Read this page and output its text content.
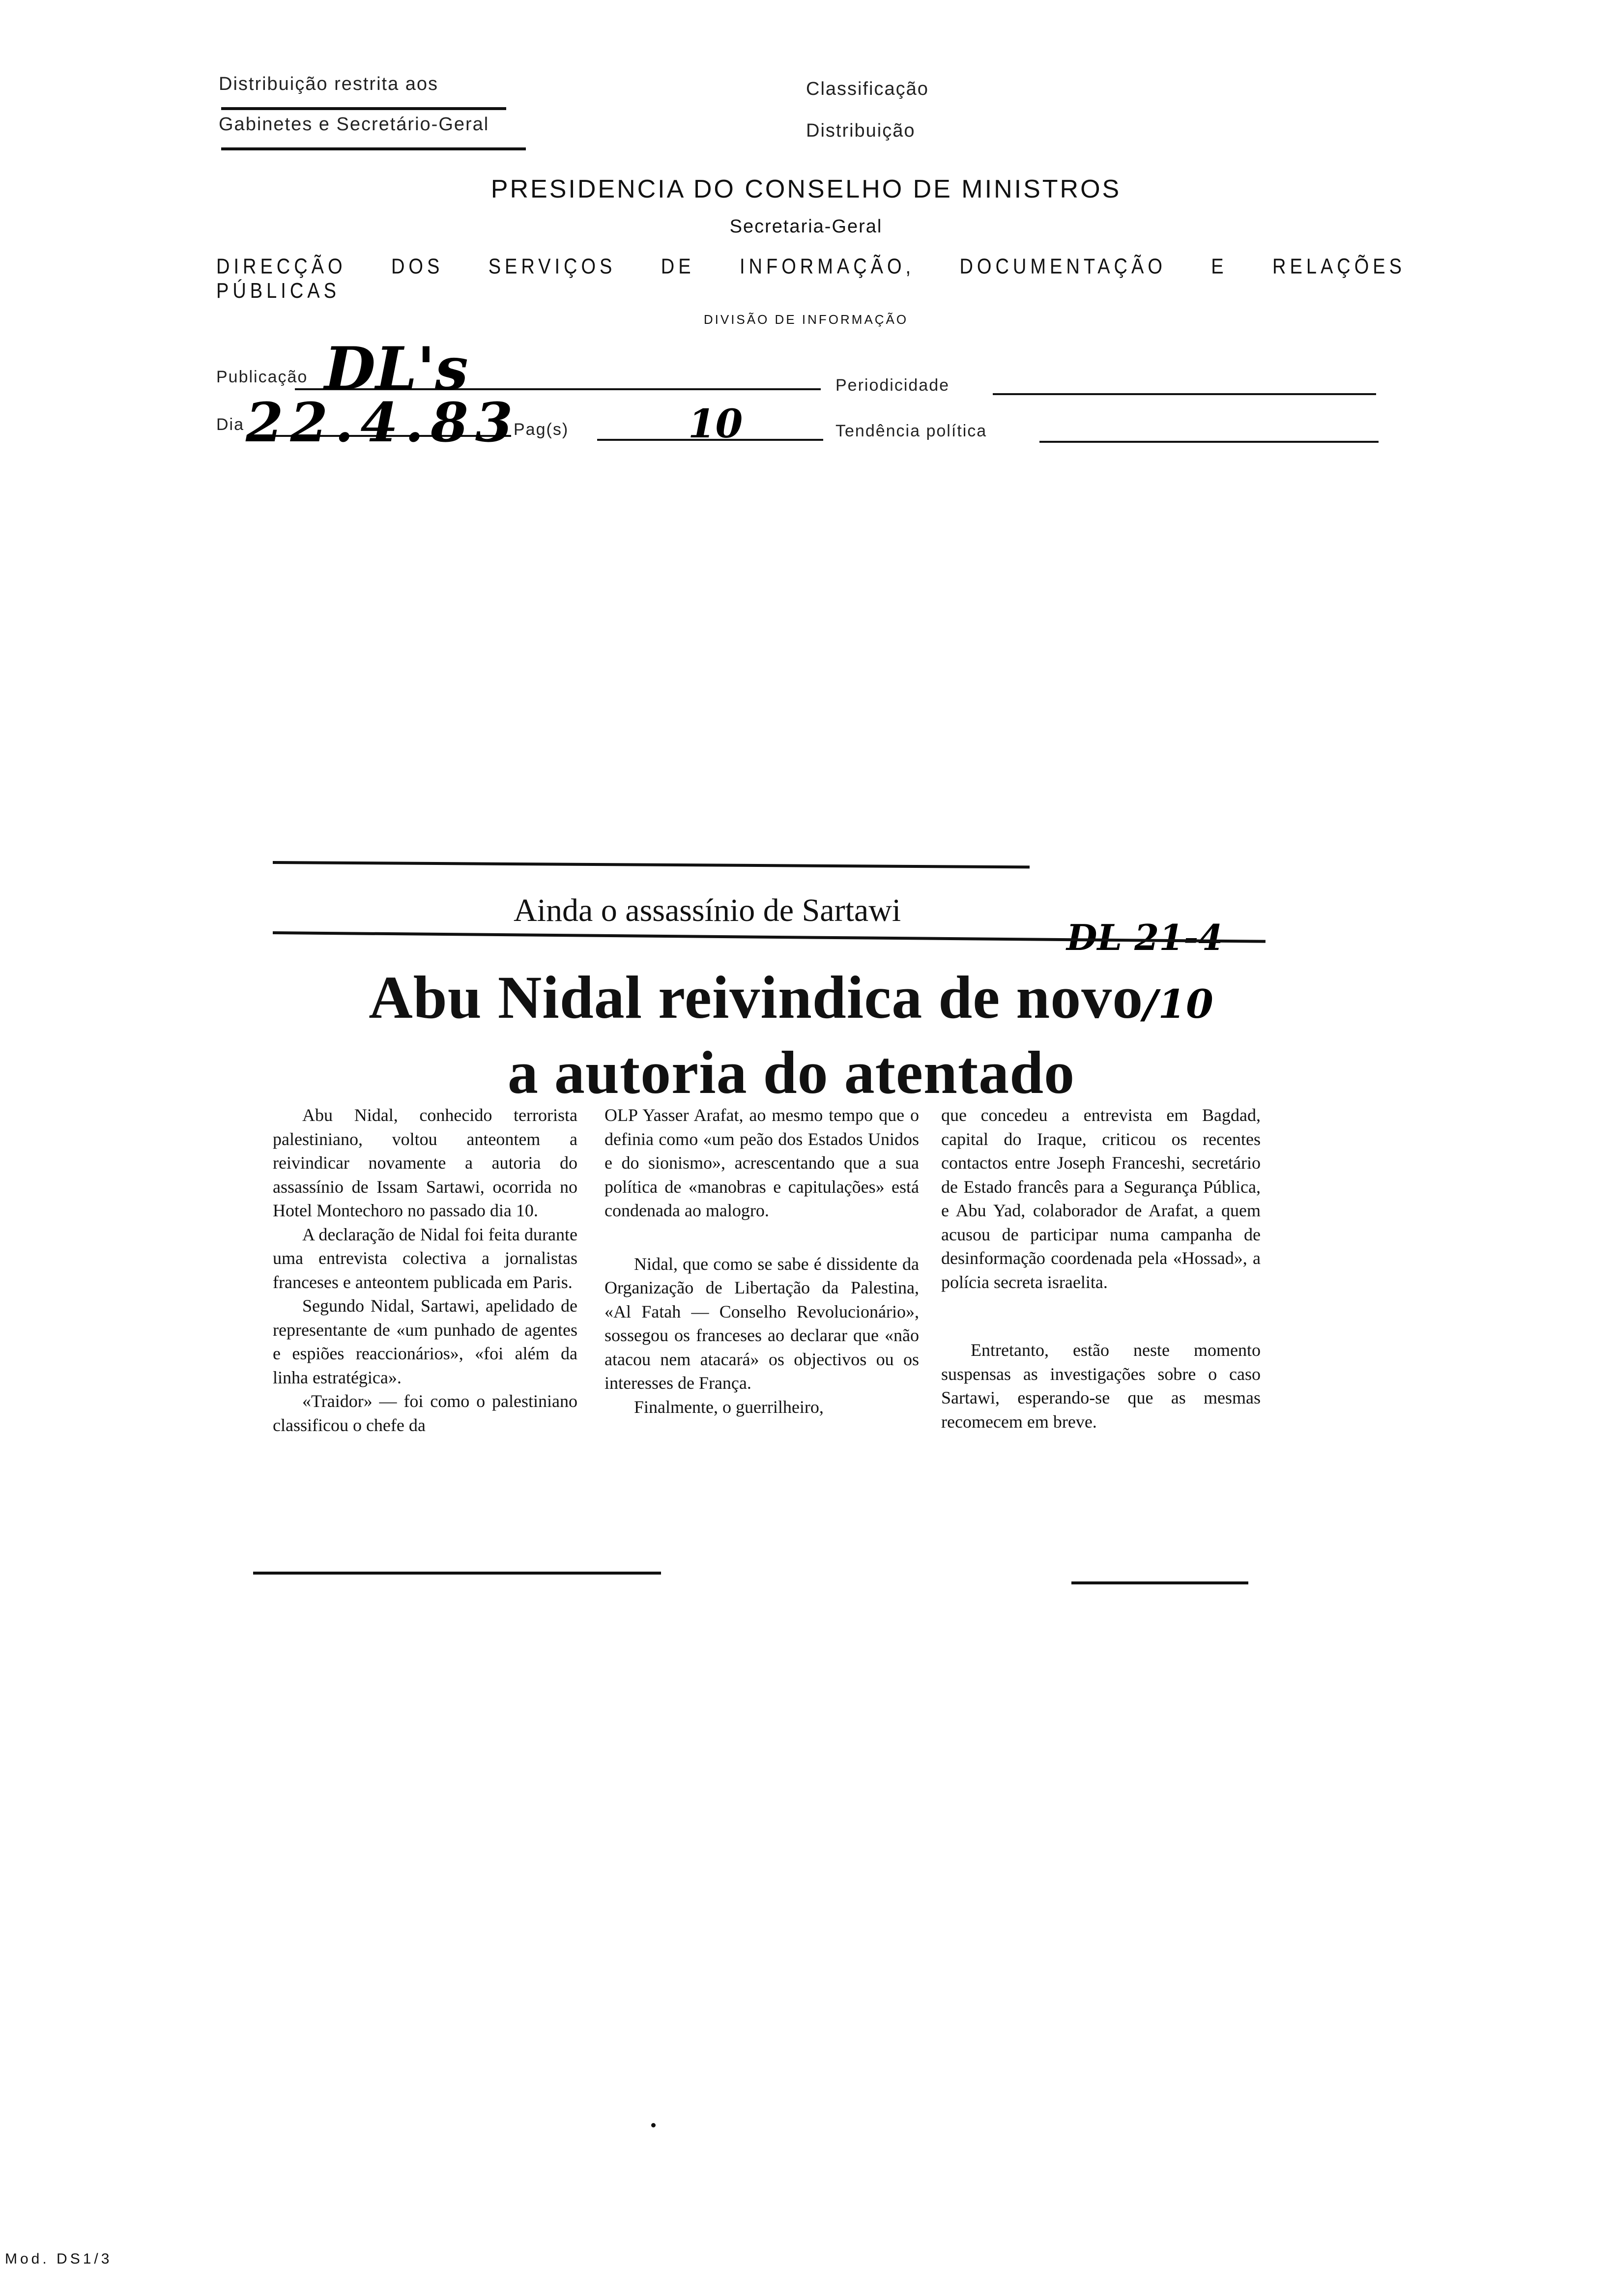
Distribuição restrita aos
Gabinetes e Secretário-Geral
Classificação
Distribuição
PRESIDENCIA DO CONSELHO DE MINISTROS
Secretaria-Geral
DIRECÇÃO DOS SERVIÇOS DE INFORMAÇÃO, DOCUMENTAÇÃO E RELAÇÕES PÚBLICAS
DIVISÃO DE INFORMAÇÃO
Publicação DL's	Periodicidade
Dia 22.4.83
Pag(s)	10	Tendência política
Ainda o assassínio de Sartawi
DL 21-4
Abu Nidal reivindica de novo/10
a autoria do atentado

Abu Nidal, conhecido terrorista palestiniano, voltou anteontem a reivindicar novamente a autoria do assassínio de Issam Sartawi, ocorrida no Hotel Montechoro no passado dia 10.

A declaração de Nidal foi feita durante uma entrevista colectiva a jornalistas franceses e anteontem publicada em Paris.

Segundo Nidal, Sartawi, apelidado de representante de «um punhado de agentes e espiões reaccionários», «foi além da linha estratégica».

«Traidor» — foi como o palestiniano classificou o chefe da

OLP Yasser Arafat, ao mesmo tempo que o definia como «um peão dos Estados Unidos e do sionismo», acrescentando que a sua política de «manobras e capitulações» está condenada ao malogro.

Nidal, que como se sabe é dissidente da Organização de Libertação da Palestina, «Al Fatah — Conselho Revolucionário», sossegou os franceses ao declarar que «não atacou nem atacará» os objectivos ou os interesses de França.

Finalmente, o guerrilheiro,

que concedeu a entrevista em Bagdad, capital do Iraque, criticou os recentes contactos entre Joseph Franceshi, secretário de Estado francês para a Segurança Pública, e Abu Yad, colaborador de Arafat, a quem acusou de participar numa campanha de desinformação coordenada pela «Hossad», a polícia secreta israelita.

Entretanto, estão neste momento suspensas as investigações sobre o caso Sartawi, esperando-se que as mesmas recomecem em breve.

Mod. DS1/3
